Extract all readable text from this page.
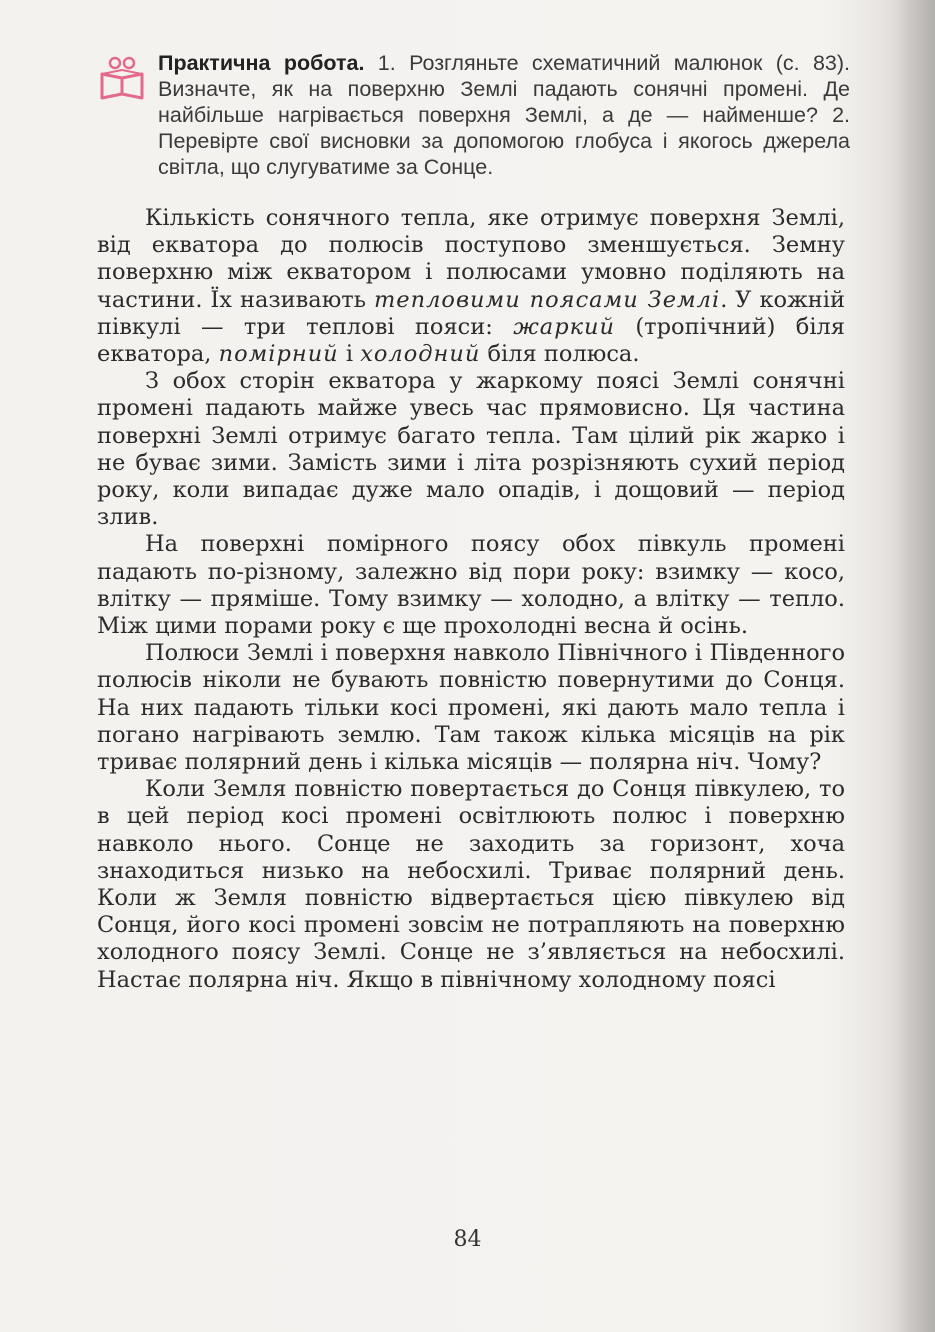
Практична робота. 1. Розгляньте схематичний малюнок (с. 83). Визначте, як на поверхню Землі падають сонячні промені. Де найбільше нагрівається поверхня Землі, а де — найменше? 2. Перевірте свої висновки за допомогою глобуса і якогось джерела світла, що слугуватиме за Сонце.

Кількість сонячного тепла, яке отримує поверхня Землі, від екватора до полюсів поступово зменшується. Земну поверхню між екватором і полюсами умовно поділяють на частини. Їх називають тепловими поясами Землі. У кожній півкулі — три теплові пояси: жаркий (тропічний) біля екватора, помірний і холодний біля полюса.

З обох сторін екватора у жаркому поясі Землі сонячні промені падають майже увесь час прямовисно. Ця частина поверхні Землі отримує багато тепла. Там цілий рік жарко і не буває зими. Замість зими і літа розрізняють сухий період року, коли випадає дуже мало опадів, і дощовий — період злив.

На поверхні помірного поясу обох півкуль промені падають по-різному, залежно від пори року: взимку — косо, влітку — пряміше. Тому взимку — холодно, а влітку — тепло. Між цими порами року є ще прохолодні весна й осінь.

Полюси Землі і поверхня навколо Північного і Південного полюсів ніколи не бувають повністю повернутими до Сонця. На них падають тільки косі промені, які дають мало тепла і погано нагрівають землю. Там також кілька місяців на рік триває полярний день і кілька місяців — полярна ніч. Чому?

Коли Земля повністю повертається до Сонця півкулею, то в цей період косі промені освітлюють полюс і поверхню навколо нього. Сонце не заходить за горизонт, хоча знаходиться низько на небосхилі. Триває полярний день. Коли ж Земля повністю відвертається цією півкулею від Сонця, його косі промені зовсім не потрапляють на поверхню холодного поясу Землі. Сонце не з’являється на небосхилі. Настає полярна ніч. Якщо в північному холодному поясі

84
